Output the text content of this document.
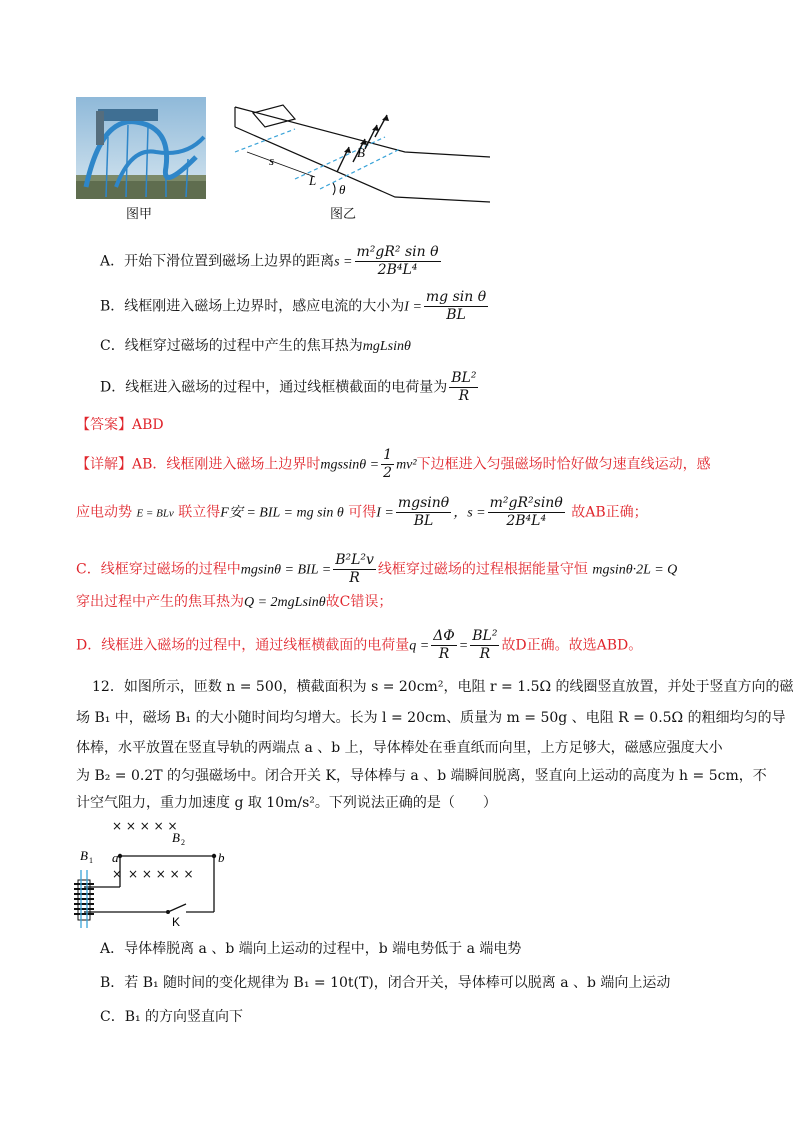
图甲
s
L
B
θ
图乙
A．开始下滑位置到磁场上边界的距离$s = \frac{\text{m²gR² sin θ}}{\text{2B⁴L⁴}}$
B．线框刚进入磁场上边界时，感应电流的大小为$I = \frac{\text{mg sin θ}}{BL}$
C．线框穿过磁场的过程中产生的焦耳热为mgLsinθ
D．线框进入磁场的过程中，通过线框横截面的电荷量为 $\frac{\text{BL²}}{R}$
【答案】ABD
【详解】AB．线框刚进入磁场上边界时$mgssin\theta = \frac{1}{2} mv^2$下边框进入匀强磁场时恰好做匀速直线运动，感
应电动势 E = BLv 联立得F安 = BIL = mg sin θ 可得$I = \frac{mgsin\theta}{BL}$ ，$s = \frac{\text{m²gR²sinθ}}{\text{2B⁴L⁴}}$ 故AB正确；
C．线框穿过磁场的过程中mgsinθ = BIL = $\frac{\text{B²L²v}}{R}$ 线框穿过磁场的过程根据能量守恒 mgsinθ·2L = Q
穿出过程中产生的焦耳热为Q = 2mgLsinθ故C错误；
D．线框进入磁场的过程中，通过线框横截面的电荷量$q = \frac{\Delta\Phi}{R} = \frac{\text{BL²}}{R}$ 故D正确。故选ABD。
12．如图所示，匝数 n = 500，横截面积为 s = 20cm²，电阻 r = 1.5Ω 的线圈竖直放置，并处于竖直方向的磁
场 B₁ 中，磁场 B₁ 的大小随时间均匀增大。长为 l = 20cm、质量为 m = 50g 、电阻 R = 0.5Ω 的粗细均匀的导
体棒，水平放置在竖直导轨的两端点 a 、b 上，导体棒处在垂直纸而向里，上方足够大，磁感应强度大小
为 B₂ = 0.2T 的匀强磁场中。闭合开关 K，导体棒与 a 、b 端瞬间脱离，竖直向上运动的高度为 h = 5cm，不
计空气阻力，重力加速度 g 取 10m/s²。下列说法正确的是（　　）
× × × × ×
× × × × ×
×
B 1
B 2
a	b
K
A．导体棒脱离 a 、b 端向上运动的过程中，b 端电势低于 a 端电势
B．若 B₁ 随时间的变化规律为 B₁ = 10t(T)，闭合开关，导体棒可以脱离 a 、b 端向上运动
C．B₁ 的方向竖直向下
